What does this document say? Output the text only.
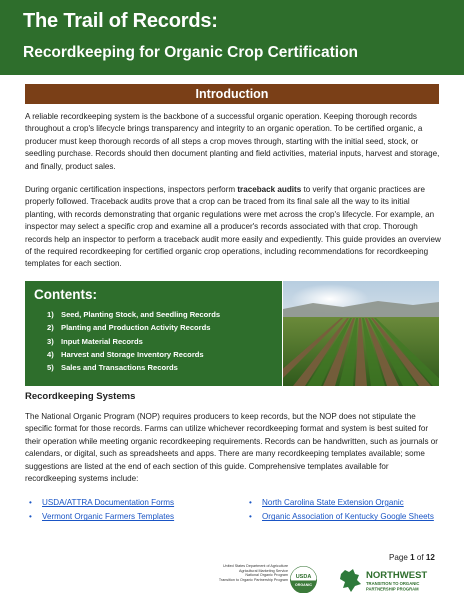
The Trail of Records:
Recordkeeping for Organic Crop Certification
Introduction

A reliable recordkeeping system is the backbone of a successful organic operation. Keeping thorough records throughout a crop's lifecycle brings transparency and integrity to an organic operation. To be certified organic, a producer must keep thorough records of all steps a crop moves through, starting with the initial seed, stock, or seedling purchase. Records should then document planting and field activities, material inputs, harvest and storage, and finally, product sales.

During organic certification inspections, inspectors perform traceback audits to verify that organic practices are properly followed. Traceback audits prove that a crop can be traced from its final sale all the way to its initial planting, with records demonstrating that organic regulations were met across the crop's lifecycle. For example, an inspector may select a specific crop and examine all a producer's records associated with that crop. Thorough records help an inspector to perform a traceback audit more easily and expediently. This guide provides an overview of the required recordkeeping for certified organic crop operations, including recommendations for recordkeeping templates for each section.

Contents:
1) Seed, Planting Stock, and Seedling Records
2) Planting and Production Activity Records
3) Input Material Records
4) Harvest and Storage Inventory Records
5) Sales and Transactions Records
Recordkeeping Systems

The National Organic Program (NOP) requires producers to keep records, but the NOP does not stipulate the specific format for those records. Farms can utilize whichever recordkeeping format and system is best suited for their operation while meeting organic recordkeeping requirements. Records can be handwritten, such as journals or calendars, or digital, such as spreadsheets and apps. There are many recordkeeping templates available; some suggestions are listed at the end of each section of this guide. Comprehensive templates available for recordkeeping systems include:

• USDA/ATTRA Documentation Forms
• Vermont Organic Farmers Templates
• North Carolina State Extension Organic
• Organic Association of Kentucky Google Sheets
Page 1 of 12
United States Department of Agriculture
Agricultural Marketing Service
National Organic Program
Transition to Organic Partnership Program USDA
ORGANIC
NORTHWEST
TRANSITION TO ORGANIC
PARTNERSHIP PROGRAM
